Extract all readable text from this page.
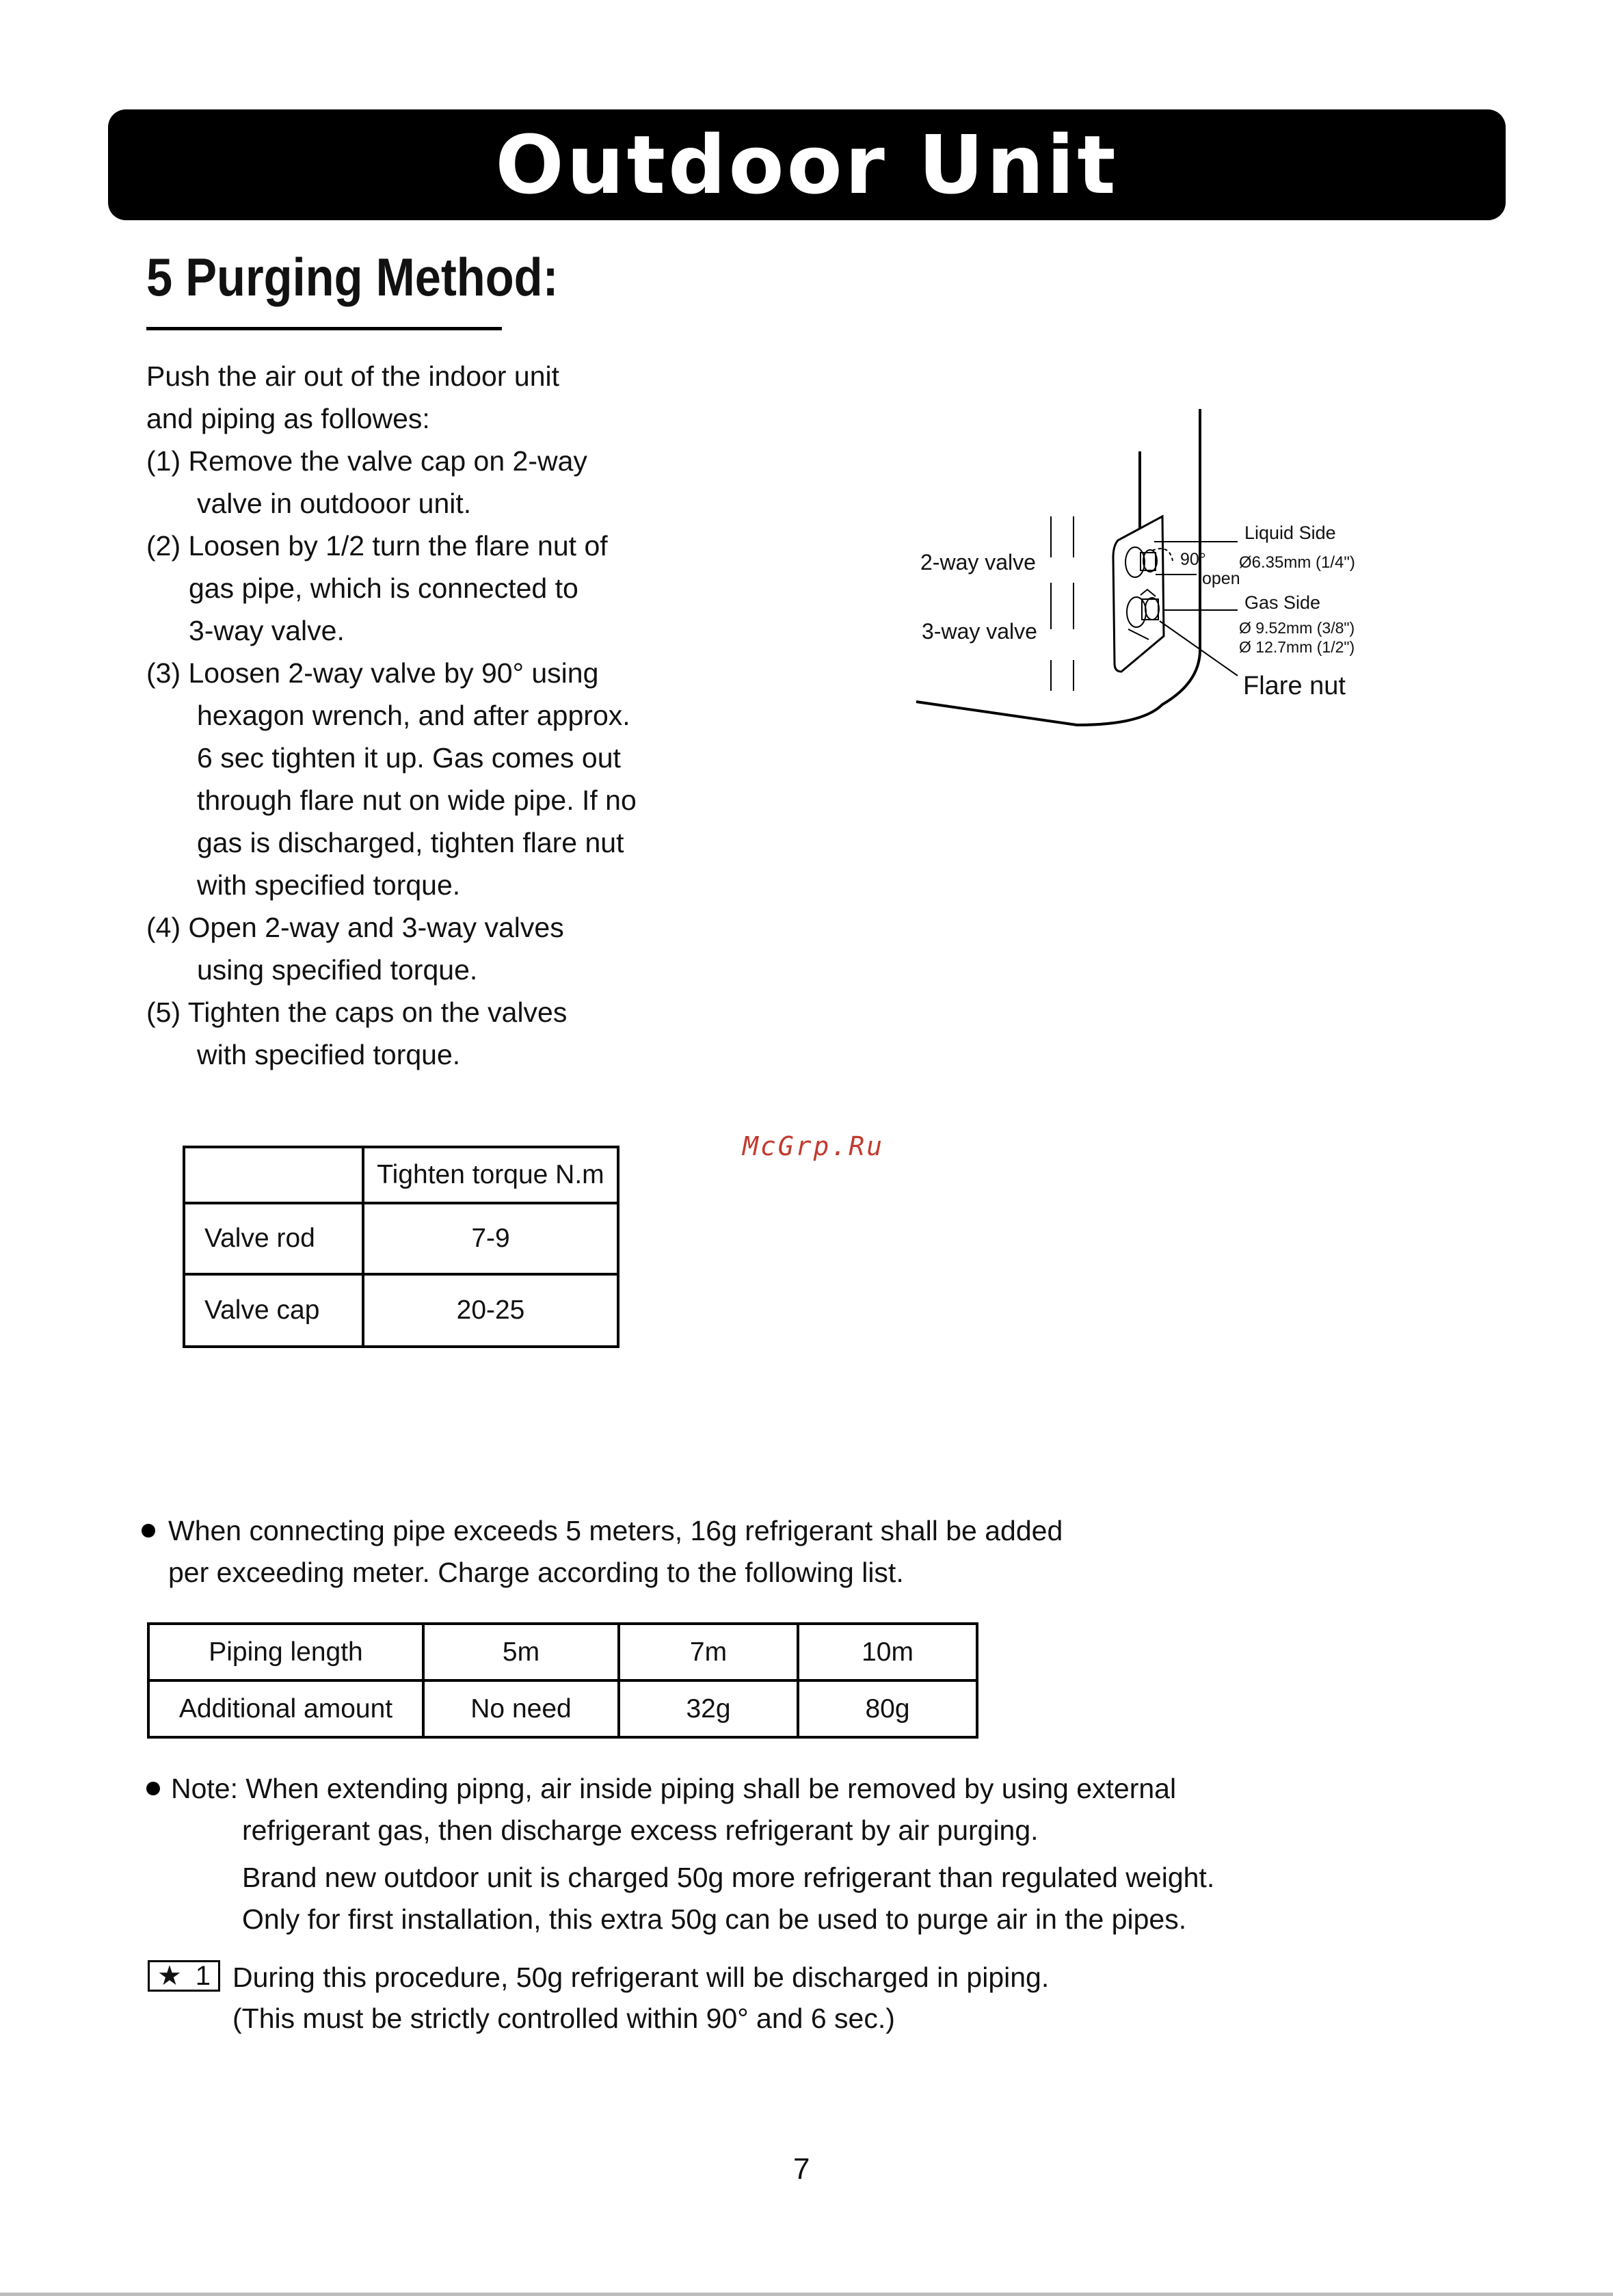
Outdoor Unit
5 Purging Method:
Push the air out of the indoor unit
and piping as followes:
(1) Remove the valve cap on 2-way
valve in outdooor unit.
(2) Loosen by 1/2 turn the flare nut of
gas pipe, which is connected to
3-way valve.
(3) Loosen 2-way valve by 90° using
hexagon wrench, and after approx.
6 sec tighten it up. Gas comes out
through flare nut on wide pipe. If no
gas is discharged, tighten flare nut
with specified torque.
(4) Open 2-way and 3-way valves
using specified torque.
(5) Tighten the caps on the valves
with specified torque.
2-way valve
3-way valve
Liquid Side
Ø6.35mm (1/4")
90°
open
Gas Side
Ø 9.52mm (3/8")
Ø 12.7mm (1/2")
Flare nut
McGrp.Ru
	Tighten torque N.m
Valve rod	7-9
Valve cap	20-25
When connecting pipe exceeds 5 meters, 16g refrigerant shall be added
per exceeding meter. Charge according to the following list.
Piping length	5m	7m	10m
Additional amount	No need	32g	80g
Note: When extending pipng, air inside piping shall be removed by using external
refrigerant gas, then discharge excess refrigerant by air purging.
Brand new outdoor unit is charged 50g more refrigerant than regulated weight.
Only for first installation, this extra 50g can be used to purge air in the pipes.
★ 1 During this procedure, 50g refrigerant will be discharged in piping.
(This must be strictly controlled within 90° and 6 sec.)
7
